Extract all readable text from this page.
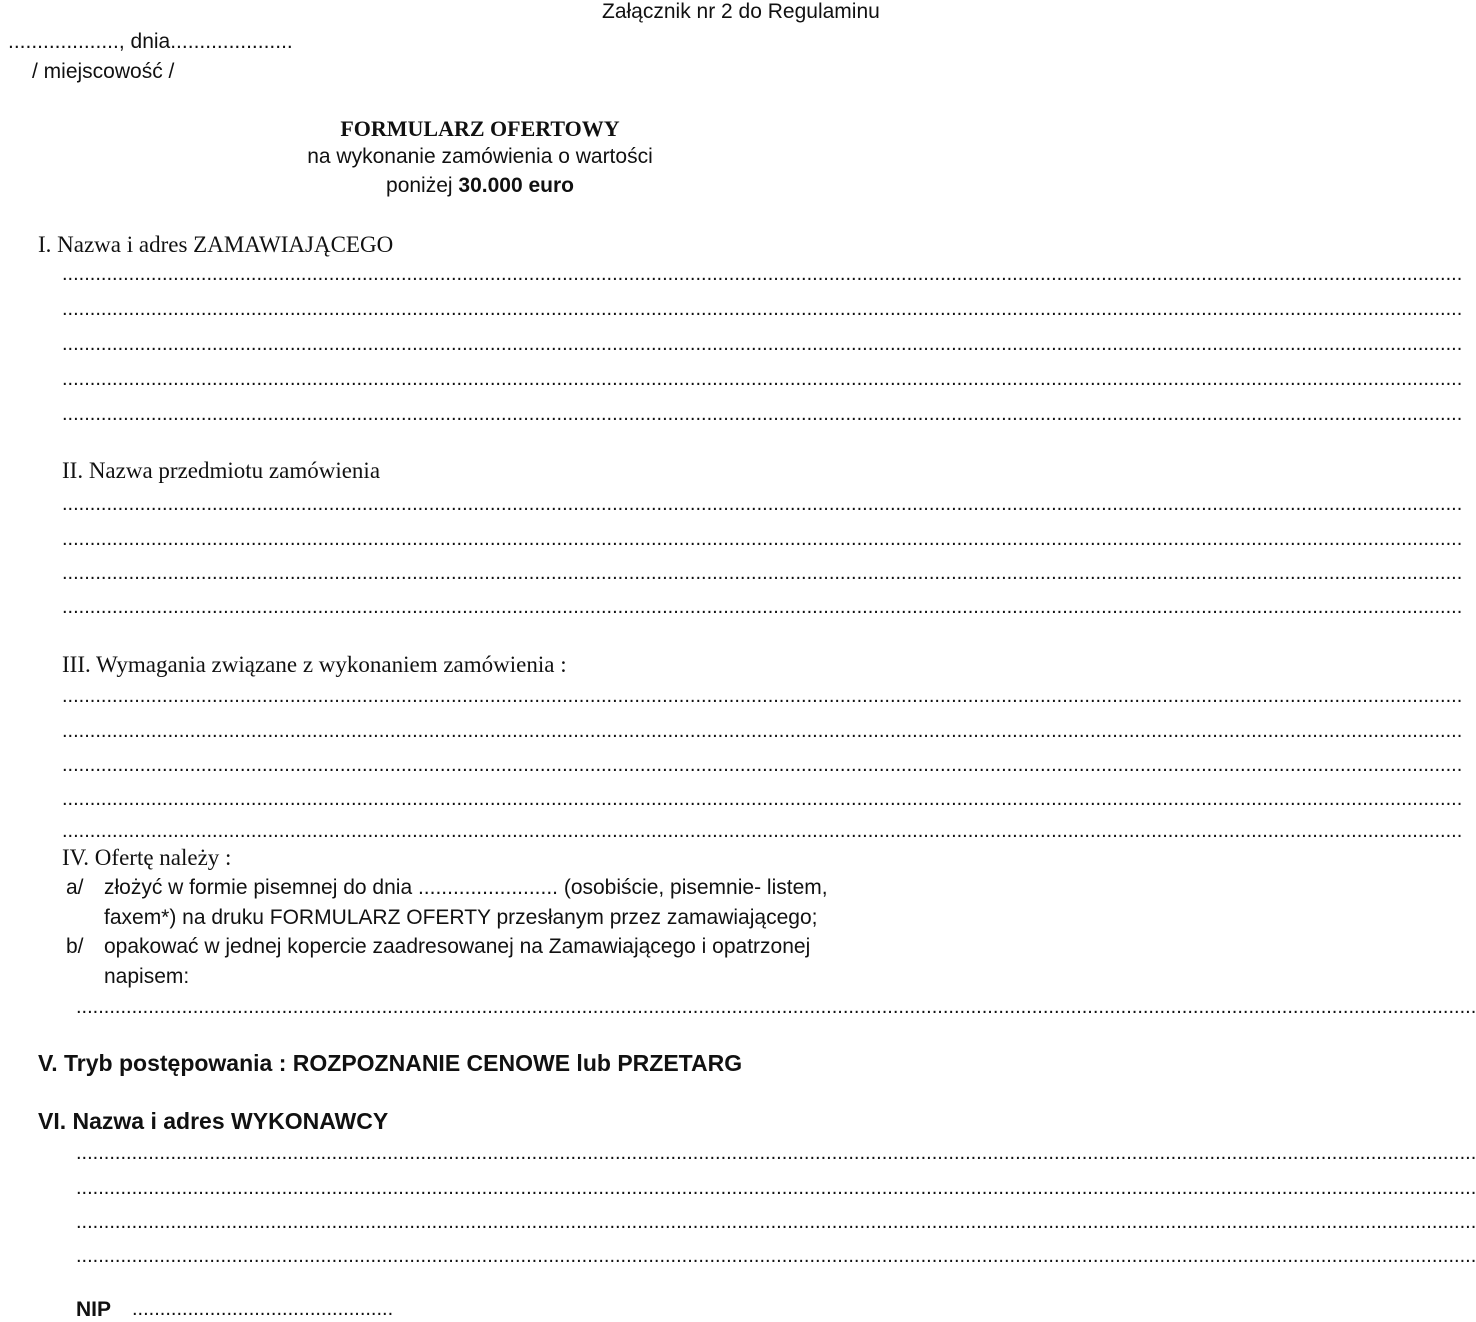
Załącznik nr 2 do Regulaminu
..................., dnia.....................
/ miejscowość /
FORMULARZ OFERTOWY
na wykonanie zamówienia o wartości
poniżej 30.000 euro
I. Nazwa i adres ZAMAWIAJĄCEGO
............................................................................................................................................................................................................................................................
............................................................................................................................................................................................................................................................
............................................................................................................................................................................................................................................................
............................................................................................................................................................................................................................................................
............................................................................................................................................................................................................................................................
II. Nazwa przedmiotu zamówienia
............................................................................................................................................................................................................................................................
............................................................................................................................................................................................................................................................
............................................................................................................................................................................................................................................................
............................................................................................................................................................................................................................................................
III. Wymagania związane z wykonaniem zamówienia :
............................................................................................................................................................................................................................................................
............................................................................................................................................................................................................................................................
............................................................................................................................................................................................................................................................
............................................................................................................................................................................................................................................................
............................................................................................................................................................................................................................................................
IV. Ofertę należy :
a/ złożyć w formie pisemnej do dnia ........................ (osobiście, pisemnie- listem,
faxem*) na druku FORMULARZ OFERTY przesłanym przez zamawiającego;
b/ opakować w jednej kopercie zaadresowanej na Zamawiającego i opatrzonej
napisem:
............................................................................................................................................................................................................................................................
V. Tryb postępowania : ROZPOZNANIE CENOWE lub PRZETARG
VI. Nazwa i adres WYKONAWCY
............................................................................................................................................................................................................................................................
............................................................................................................................................................................................................................................................
............................................................................................................................................................................................................................................................
............................................................................................................................................................................................................................................................
NIP ...............................................
